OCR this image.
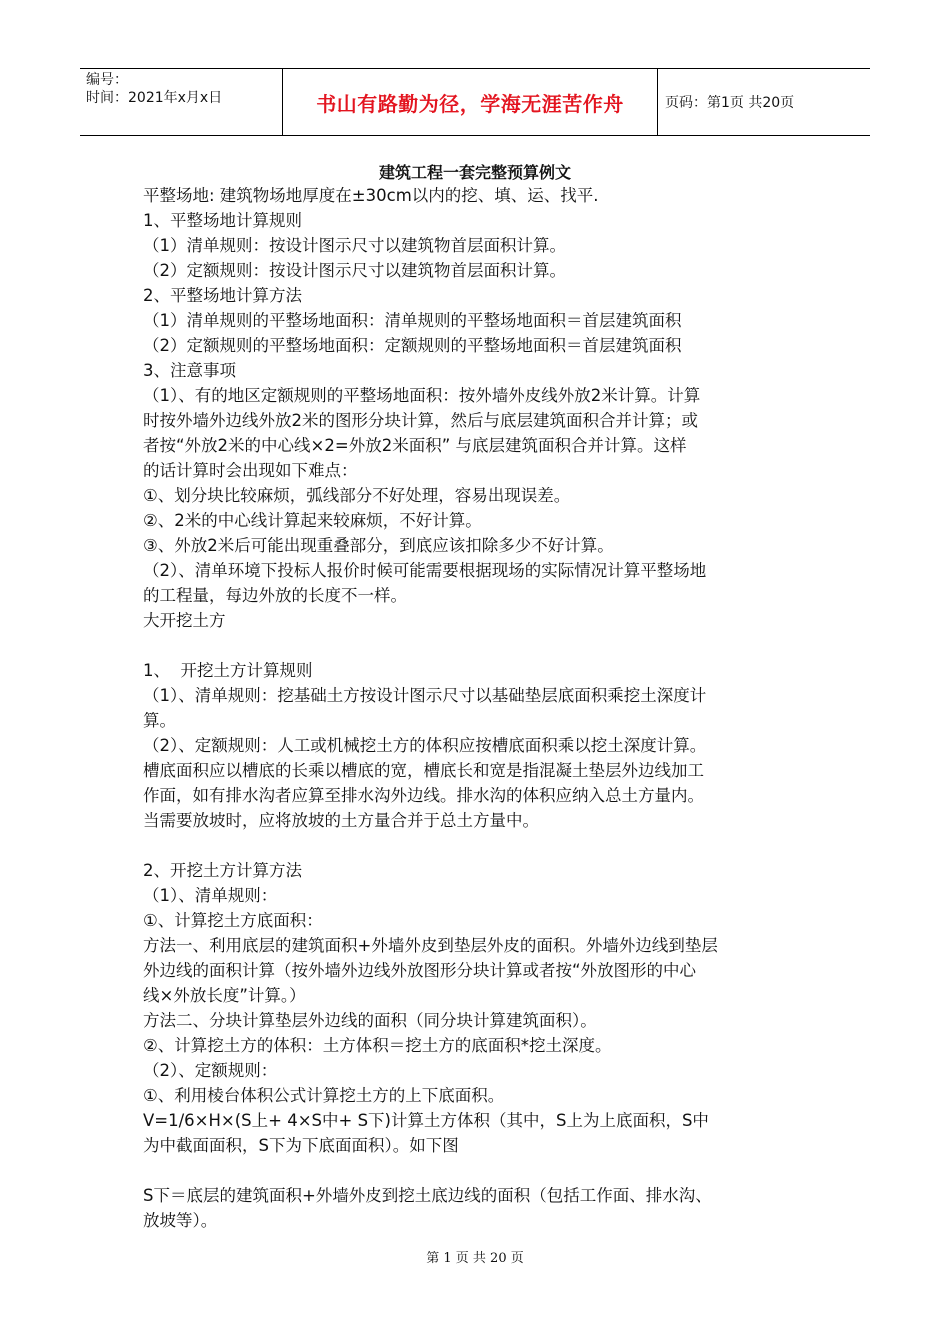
编号：
时间：2021年x月x日	书山有路勤为径，学海无涯苦作舟	页码：第1页 共20页
建筑工程一套完整预算例文
平整场地: 建筑物场地厚度在±30cm以内的挖、填、运、找平.
1、平整场地计算规则
（1）清单规则：按设计图示尺寸以建筑物首层面积计算。
（2）定额规则：按设计图示尺寸以建筑物首层面积计算。
2、平整场地计算方法
（1）清单规则的平整场地面积：清单规则的平整场地面积＝首层建筑面积
（2）定额规则的平整场地面积：定额规则的平整场地面积＝首层建筑面积
3、注意事项
（1）、有的地区定额规则的平整场地面积：按外墙外皮线外放2米计算。计算
时按外墙外边线外放2米的图形分块计算，然后与底层建筑面积合并计算；或
者按“外放2米的中心线×2=外放2米面积” 与底层建筑面积合并计算。这样
的话计算时会出现如下难点：
①、划分块比较麻烦，弧线部分不好处理，容易出现误差。
②、2米的中心线计算起来较麻烦，不好计算。
③、外放2米后可能出现重叠部分，到底应该扣除多少不好计算。
（2）、清单环境下投标人报价时候可能需要根据现场的实际情况计算平整场地
的工程量，每边外放的长度不一样。
大开挖土方
1、  开挖土方计算规则
（1）、清单规则：挖基础土方按设计图示尺寸以基础垫层底面积乘挖土深度计
算。
（2）、定额规则：人工或机械挖土方的体积应按槽底面积乘以挖土深度计算。
槽底面积应以槽底的长乘以槽底的宽，槽底长和宽是指混凝土垫层外边线加工
作面，如有排水沟者应算至排水沟外边线。排水沟的体积应纳入总土方量内。
当需要放坡时，应将放坡的土方量合并于总土方量中。
2、开挖土方计算方法
（1）、清单规则：
①、计算挖土方底面积：
方法一、利用底层的建筑面积+外墙外皮到垫层外皮的面积。外墙外边线到垫层
外边线的面积计算（按外墙外边线外放图形分块计算或者按“外放图形的中心
线×外放长度”计算。）
方法二、分块计算垫层外边线的面积（同分块计算建筑面积）。
②、计算挖土方的体积：土方体积＝挖土方的底面积*挖土深度。
（2）、定额规则：
①、利用棱台体积公式计算挖土方的上下底面积。
V=1/6×H×(S上+ 4×S中+ S下)计算土方体积（其中，S上为上底面积，S中
为中截面面积，S下为下底面面积）。如下图
S下＝底层的建筑面积+外墙外皮到挖土底边线的面积（包括工作面、排水沟、
放坡等）。
第 1 页 共 20 页
